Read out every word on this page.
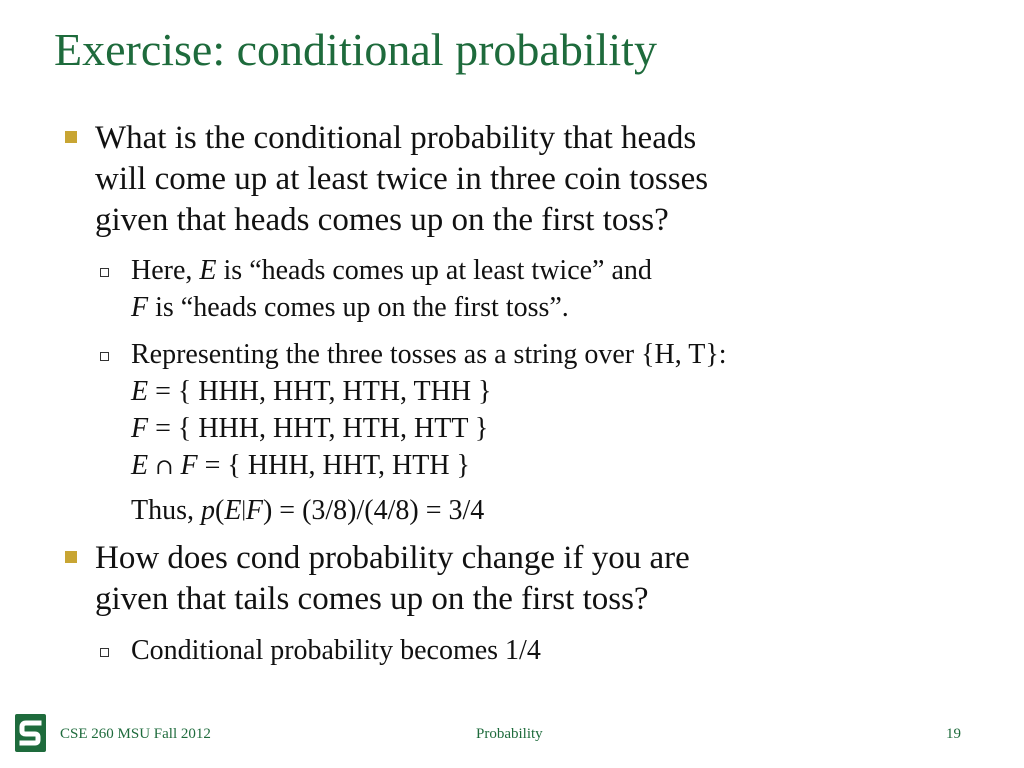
Exercise: conditional probability
What is the conditional probability that heads
will come up at least twice in three coin tosses
given that heads comes up on the first toss?
Here, E is “heads comes up at least twice” and
F is “heads comes up on the first toss”.
Representing the three tosses as a string over {H, T}:
E = { HHH, HHT, HTH, THH }
F = { HHH, HHT, HTH, HTT }
E ∩ F = { HHH, HHT, HTH }
Thus, p(E|F) = (3/8)/(4/8) = 3/4
How does cond probability change if you are
given that tails comes up on the first toss?
Conditional probability becomes 1/4
CSE 260 MSU Fall 2012	Probability	19
